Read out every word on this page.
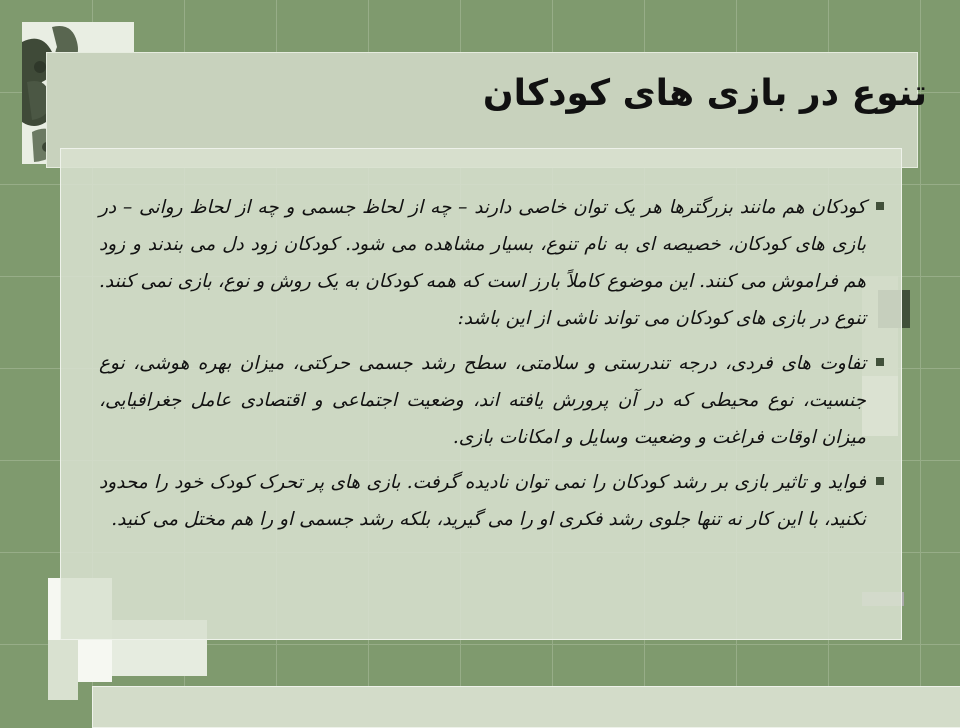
تنوع در بازی های کودکان
کودکان هم مانند بزرگترها هر یک توان خاصی دارند – چه از لحاظ جسمی و چه از لحاظ روانی – در بازی های کودکان، خصیصه ای به نام تنوع، بسیار مشاهده می شود. کودکان زود دل می بندند و زود هم فراموش می کنند. این موضوع کاملاً بارز است که همه کودکان به یک روش و نوع، بازی نمی کنند. تنوع در بازی های کودکان می تواند ناشی از این باشد:
تفاوت های فردی، درجه تندرستی و سلامتی، سطح رشد جسمی حرکتی، میزان بهره هوشی، نوع جنسیت، نوع محیطی که در آن پرورش یافته اند، وضعیت اجتماعی و اقتصادی عامل جغرافیایی، میزان اوقات فراغت و وضعیت وسایل و امکانات بازی.
فواید و تاثیر بازی بر رشد کودکان را نمی توان نادیده گرفت. بازی های پر تحرک کودک خود را محدود نکنید، با این کار نه تنها جلوی رشد فکری او را می گیرید، بلکه رشد جسمی او را هم مختل می کنید.
